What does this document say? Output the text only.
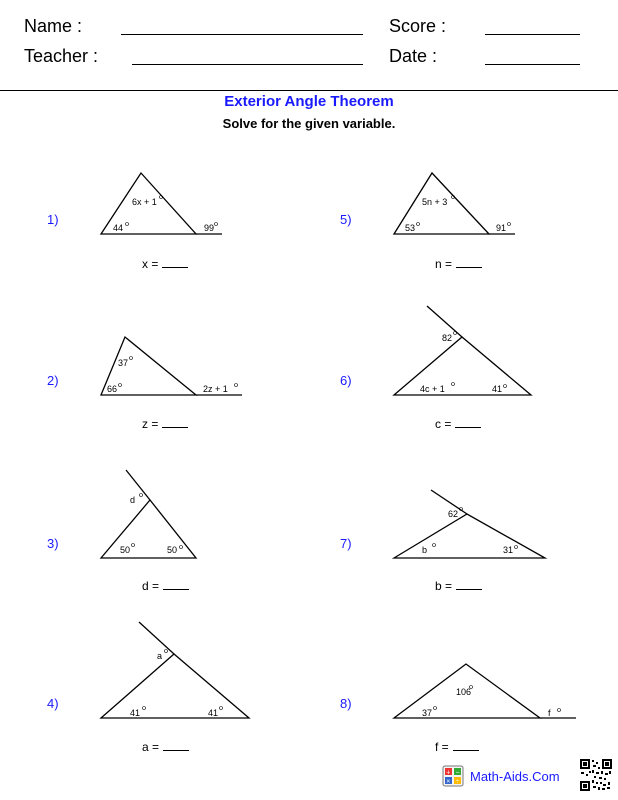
Name :
Teacher :
Score :
Date :
Exterior Angle Theorem
Solve for the given variable.
6x + 1
44	99
37
66	2z + 1
d
50	50
a
41	41
5n + 3
53	91
82
4c + 1	41
62
b	31
106
37	f
1)
2)
3)
4)
5)
6)
7)
8)
x =
z =
d =
a =
n =
c =
b =
f =
+ −
× ÷ Math-Aids.Com
